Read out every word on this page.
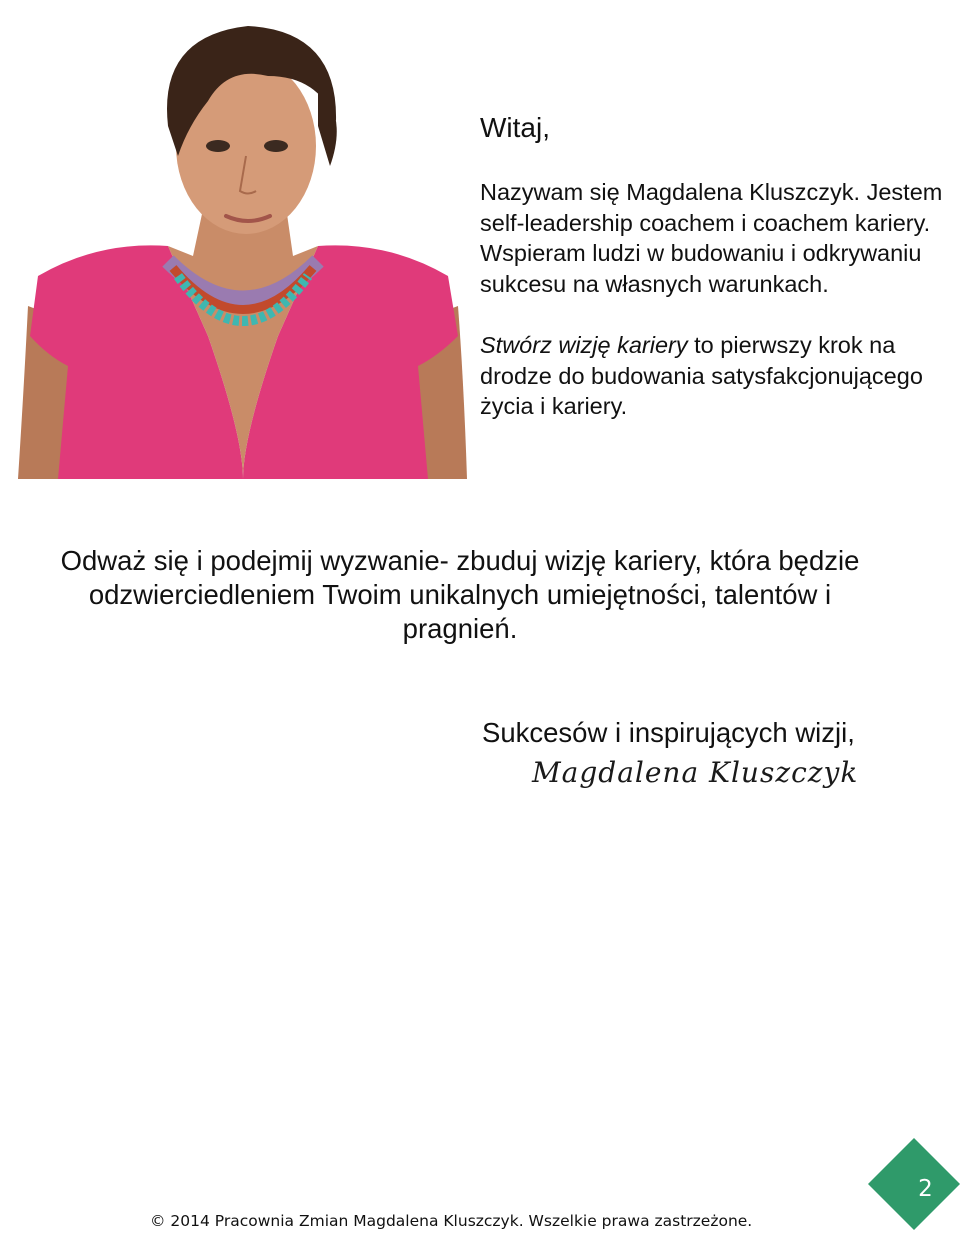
Witaj,

Nazywam się Magdalena Kluszczyk. Jestem self-leadership coachem i coachem kariery. Wspieram ludzi w budowaniu i odkrywaniu sukcesu na własnych warunkach.

Stwórz wizję kariery to pierwszy krok na drodze do budowania satysfakcjonującego życia i kariery.

Odważ się i podejmij wyzwanie- zbuduj wizję kariery, która będzie odzwierciedleniem Twoim unikalnych umiejętności, talentów i pragnień.

Sukcesów i inspirujących wizji,

Magdalena Kluszczyk

2

© 2014 Pracownia Zmian Magdalena Kluszczyk. Wszelkie prawa zastrzeżone.
